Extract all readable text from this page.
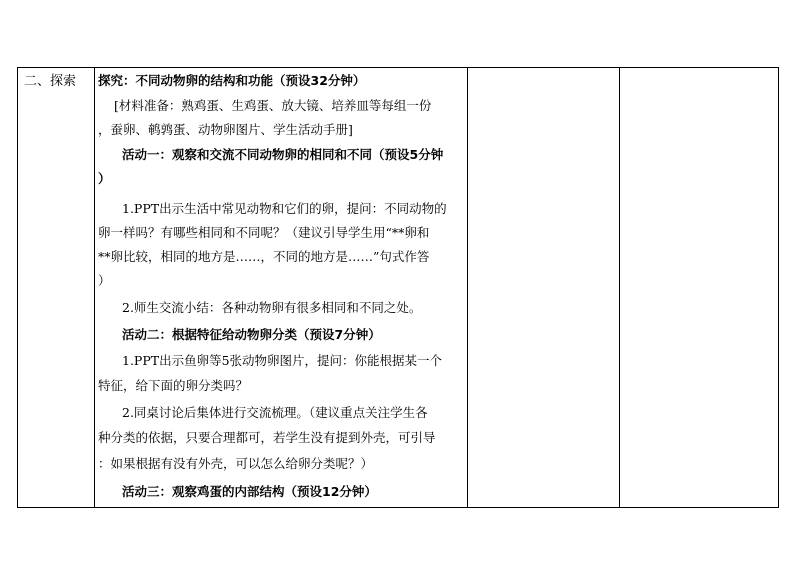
二、探索 探究：不同动物卵的结构和功能（预设32分钟）
[材料准备：熟鸡蛋、生鸡蛋、放大镜、培养皿等每组一份
，蚕卵、鹌鹑蛋、动物卵图片、学生活动手册]
活动一：观察和交流不同动物卵的相同和不同（预设5分钟
）
1.PPT出示生活中常见动物和它们的卵，提问：不同动物的
卵一样吗？有哪些相同和不同呢？（建议引导学生用“**卵和
**卵比较，相同的地方是……，不同的地方是……”句式作答
）
2.师生交流小结：各种动物卵有很多相同和不同之处。
活动二：根据特征给动物卵分类（预设7分钟）
1.PPT出示鱼卵等5张动物卵图片，提问：你能根据某一个
特征，给下面的卵分类吗？
2.同桌讨论后集体进行交流梳理。（建议重点关注学生各
种分类的依据，只要合理都可，若学生没有提到外壳，可引导
：如果根据有没有外壳，可以怎么给卵分类呢？）
活动三：观察鸡蛋的内部结构（预设12分钟）
